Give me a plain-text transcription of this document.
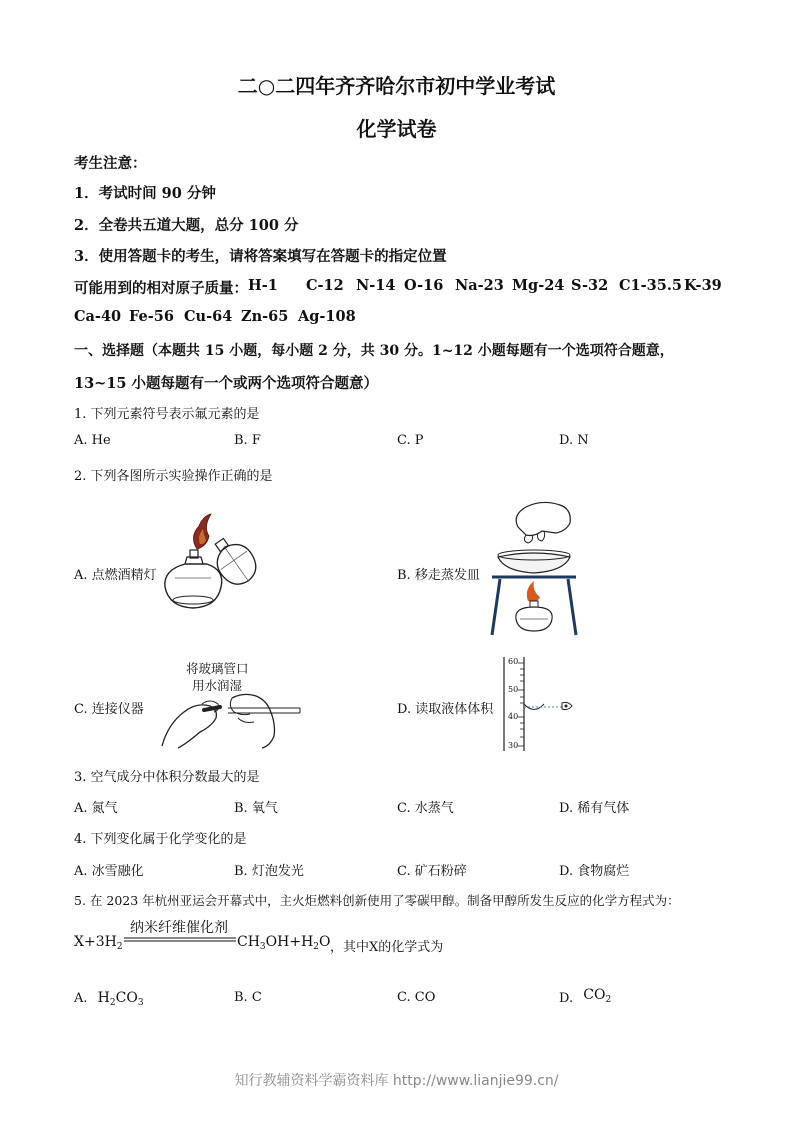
二○二四年齐齐哈尔市初中学业考试
化学试卷
考生注意：
1．考试时间 90 分钟
2．全卷共五道大题，总分 100 分
3．使用答题卡的考生，请将答案填写在答题卡的指定位置
可能用到的相对原子质量： H-1 C-12 N-14 O-16 Na-23 Mg-24 S-32 C1-35.5 K-39
Ca-40 Fe-56 Cu-64 Zn-65 Ag-108
一、选择题（本题共 15 小题，每小题 2 分，共 30 分。1~12 小题每题有一个选项符合题意，
13~15 小题每题有一个或两个选项符合题意）
1. 下列元素符号表示氟元素的是
A. He	B. F	C. P	D. N
2. 下列各图所示实验操作正确的是
A. 点燃酒精灯	B. 移走蒸发皿
C. 连接仪器	D. 读取液体体积
将玻璃管口
用水润湿
60
50
40
30
3. 空气成分中体积分数最大的是
A. 氮气	B. 氧气	C. 水蒸气	D. 稀有气体
4. 下列变化属于化学变化的是
A. 冰雪融化	B. 灯泡发光	C. 矿石粉碎	D. 食物腐烂
5. 在 2023 年杭州亚运会开幕式中，主火炬燃料创新使用了零碳甲醇。制备甲醇所发生反应的化学方程式为：
$X+3H_2$
纳米纤维催化剂
$CH_3OH+H_2O$ ，其中X的化学式为
A. $H_2CO_3$	B. C	C. CO	D. $CO_2$
知行教辅资料学霸资料库 http://www.lianjie99.cn/
